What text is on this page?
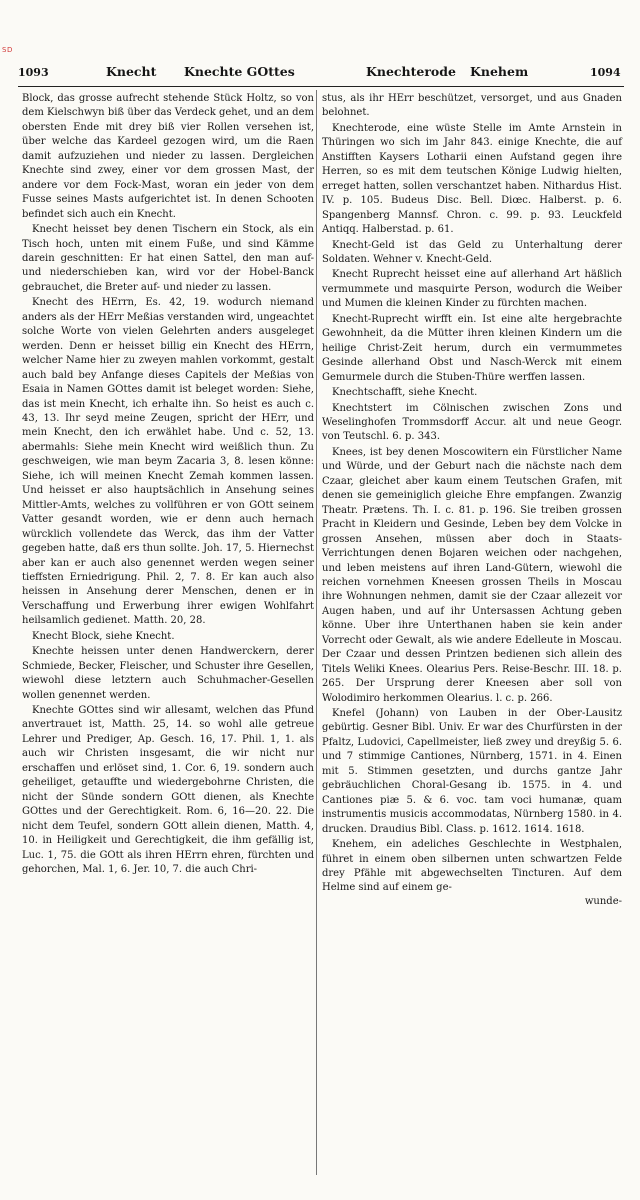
SD
1093	Knecht Knechte GOttes	Knechterode Knehem	1094

Block, das grosse aufrecht stehende Stück Holtz, so von dem Kielschwyn biß über das Verdeck gehet, und an dem obersten Ende mit drey biß vier Rollen versehen ist, über welche das Kardeel gezogen wird, um die Raen damit aufzuziehen und nieder zu lassen. Dergleichen Knechte sind zwey, einer vor dem grossen Mast, der andere vor dem Fock-Mast, woran ein jeder von dem Fusse seines Masts aufgerichtet ist. In denen Schooten befindet sich auch ein Knecht.

Knecht heisset bey denen Tischern ein Stock, als ein Tisch hoch, unten mit einem Fuße, und sind Kämme darein geschnitten: Er hat einen Sattel, den man auf- und niederschieben kan, wird vor der Hobel-Banck gebrauchet, die Breter auf- und nieder zu lassen.

Knecht des HErrn, Es. 42, 19. wodurch niemand anders als der HErr Meßias verstanden wird, ungeachtet solche Worte von vielen Gelehrten anders ausgeleget werden. Denn er heisset billig ein Knecht des HErrn, welcher Name hier zu zweyen mahlen vorkommt, gestalt auch bald bey Anfange dieses Capitels der Meßias von Esaia in Namen GOttes damit ist beleget worden: Siehe, das ist mein Knecht, ich erhalte ihn. So heist es auch c. 43, 13. Ihr seyd meine Zeugen, spricht der HErr, und mein Knecht, den ich erwählet habe. Und c. 52, 13. abermahls: Siehe mein Knecht wird weißlich thun. Zu geschweigen, wie man beym Zacaria 3, 8. lesen könne: Siehe, ich will meinen Knecht Zemah kommen lassen. Und heisset er also hauptsächlich in Ansehung seines Mittler-Amts, welches zu vollführen er von GOtt seinem Vatter gesandt worden, wie er denn auch hernach würcklich vollendete das Werck, das ihm der Vatter gegeben hatte, daß ers thun sollte. Joh. 17, 5. Hiernechst aber kan er auch also genennet werden wegen seiner tieffsten Erniedrigung. Phil. 2, 7. 8. Er kan auch also heissen in Ansehung derer Menschen, denen er in Verschaffung und Erwerbung ihrer ewigen Wohlfahrt heilsamlich gedienet. Matth. 20, 28.

Knecht Block, siehe Knecht.

Knechte heissen unter denen Handwerckern, derer Schmiede, Becker, Fleischer, und Schuster ihre Gesellen, wiewohl diese letztern auch Schuhmacher-Gesellen wollen genennet werden.

Knechte GOttes sind wir allesamt, welchen das Pfund anvertrauet ist, Matth. 25, 14. so wohl alle getreue Lehrer und Prediger, Ap. Gesch. 16, 17. Phil. 1, 1. als auch wir Christen insgesamt, die wir nicht nur erschaffen und erlöset sind, 1. Cor. 6, 19. sondern auch geheiliget, getauffte und wiedergebohrne Christen, die nicht der Sünde sondern GOtt dienen, als Knechte GOttes und der Gerechtigkeit. Rom. 6, 16—20. 22. Die nicht dem Teufel, sondern GOtt allein dienen, Matth. 4, 10. in Heiligkeit und Gerechtigkeit, die ihm gefällig ist, Luc. 1, 75. die GOtt als ihren HErrn ehren, fürchten und gehorchen, Mal. 1, 6. Jer. 10, 7. die auch Chri-

stus, als ihr HErr beschützet, versorget, und aus Gnaden belohnet.

Knechterode, eine wüste Stelle im Amte Arnstein in Thüringen wo sich im Jahr 843. einige Knechte, die auf Anstifften Kaysers Lotharii einen Aufstand gegen ihre Herren, so es mit dem teutschen Könige Ludwig hielten, erreget hatten, sollen verschantzet haben. Nithardus Hist. IV. p. 105. Budeus Disc. Bell. Diœc. Halberst. p. 6. Spangenberg Mannsf. Chron. c. 99. p. 93. Leuckfeld Antiqq. Halberstad. p. 61.

Knecht-Geld ist das Geld zu Unterhaltung derer Soldaten. Wehner v. Knecht-Geld.

Knecht Ruprecht heisset eine auf allerhand Art häßlich vermummete und masquirte Person, wodurch die Weiber und Mumen die kleinen Kinder zu fürchten machen.

Knecht-Ruprecht wirfft ein. Ist eine alte hergebrachte Gewohnheit, da die Mütter ihren kleinen Kindern um die heilige Christ-Zeit herum, durch ein vermummetes Gesinde allerhand Obst und Nasch-Werck mit einem Gemurmele durch die Stuben-Thüre werffen lassen.

Knechtschafft, siehe Knecht.

Knechtstert im Cölnischen zwischen Zons und Weselinghofen Trommsdorff Accur. alt und neue Geogr. von Teutschl. 6. p. 343.

Knees, ist bey denen Moscowitern ein Fürstlicher Name und Würde, und der Geburt nach die nächste nach dem Czaar, gleichet aber kaum einem Teutschen Grafen, mit denen sie gemeiniglich gleiche Ehre empfangen. Zwanzig Theatr. Prætens. Th. I. c. 81. p. 196. Sie treiben grossen Pracht in Kleidern und Gesinde, Leben bey dem Volcke in grossen Ansehen, müssen aber doch in Staats-Verrichtungen denen Bojaren weichen oder nachgehen, und leben meistens auf ihren Land-Gütern, wiewohl die reichen vornehmen Kneesen grossen Theils in Moscau ihre Wohnungen nehmen, damit sie der Czaar allezeit vor Augen haben, und auf ihr Untersassen Achtung geben könne. Uber ihre Unterthanen haben sie kein ander Vorrecht oder Gewalt, als wie andere Edelleute in Moscau. Der Czaar und dessen Printzen bedienen sich allein des Titels Weliki Knees. Olearius Pers. Reise-Beschr. III. 18. p. 265. Der Ursprung derer Kneesen aber soll von Wolodimiro herkommen Olearius. l. c. p. 266.

Knefel (Johann) von Lauben in der Ober-Lausitz gebürtig. Gesner Bibl. Univ. Er war des Churfürsten in der Pfaltz, Ludovici, Capellmeister, ließ zwey und dreyßig 5. 6. und 7 stimmige Cantiones, Nürnberg, 1571. in 4. Einen mit 5. Stimmen gesetzten, und durchs gantze Jahr gebräuchlichen Choral-Gesang ib. 1575. in 4. und Cantiones piæ 5. & 6. voc. tam voci humanæ, quam instrumentis musicis accommodatas, Nürnberg 1580. in 4. drucken. Draudius Bibl. Class. p. 1612. 1614. 1618.

Knehem, ein adeliches Geschlechte in Westphalen, führet in einem oben silbernen unten schwartzen Felde drey Pfähle mit abgewechselten Tincturen. Auf dem Helme sind auf einem ge-

wunde-
